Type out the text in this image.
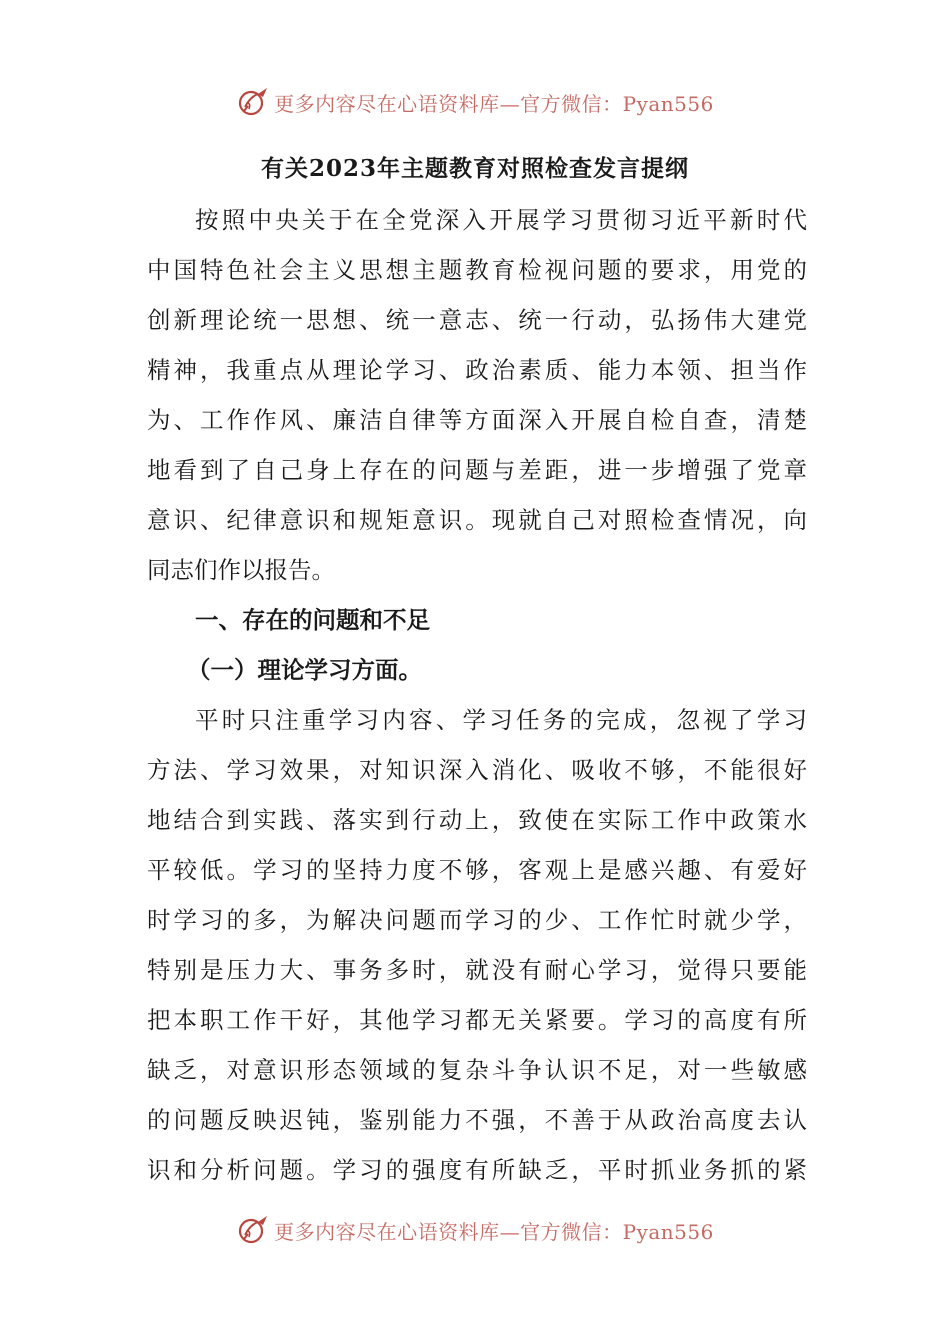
更多内容尽在心语资料库—官方微信：Pyan556
有关2023年主题教育对照检查发言提纲
按照中央关于在全党深入开展学习贯彻习近平新时代
中国特色社会主义思想主题教育检视问题的要求，用党的
创新理论统一思想、统一意志、统一行动，弘扬伟大建党
精神，我重点从理论学习、政治素质、能力本领、担当作
为、工作作风、廉洁自律等方面深入开展自检自查，清楚
地看到了自己身上存在的问题与差距，进一步增强了党章
意识、纪律意识和规矩意识。现就自己对照检查情况，向
同志们作以报告。
一、存在的问题和不足
（一）理论学习方面。
平时只注重学习内容、学习任务的完成，忽视了学习
方法、学习效果，对知识深入消化、吸收不够，不能很好
地结合到实践、落实到行动上，致使在实际工作中政策水
平较低。学习的坚持力度不够，客观上是感兴趣、有爱好
时学习的多，为解决问题而学习的少、工作忙时就少学，
特别是压力大、事务多时，就没有耐心学习，觉得只要能
把本职工作干好，其他学习都无关紧要。学习的高度有所
缺乏，对意识形态领域的复杂斗争认识不足，对一些敏感
的问题反映迟钝，鉴别能力不强，不善于从政治高度去认
识和分析问题。学习的强度有所缺乏，平时抓业务抓的紧
更多内容尽在心语资料库—官方微信：Pyan556
